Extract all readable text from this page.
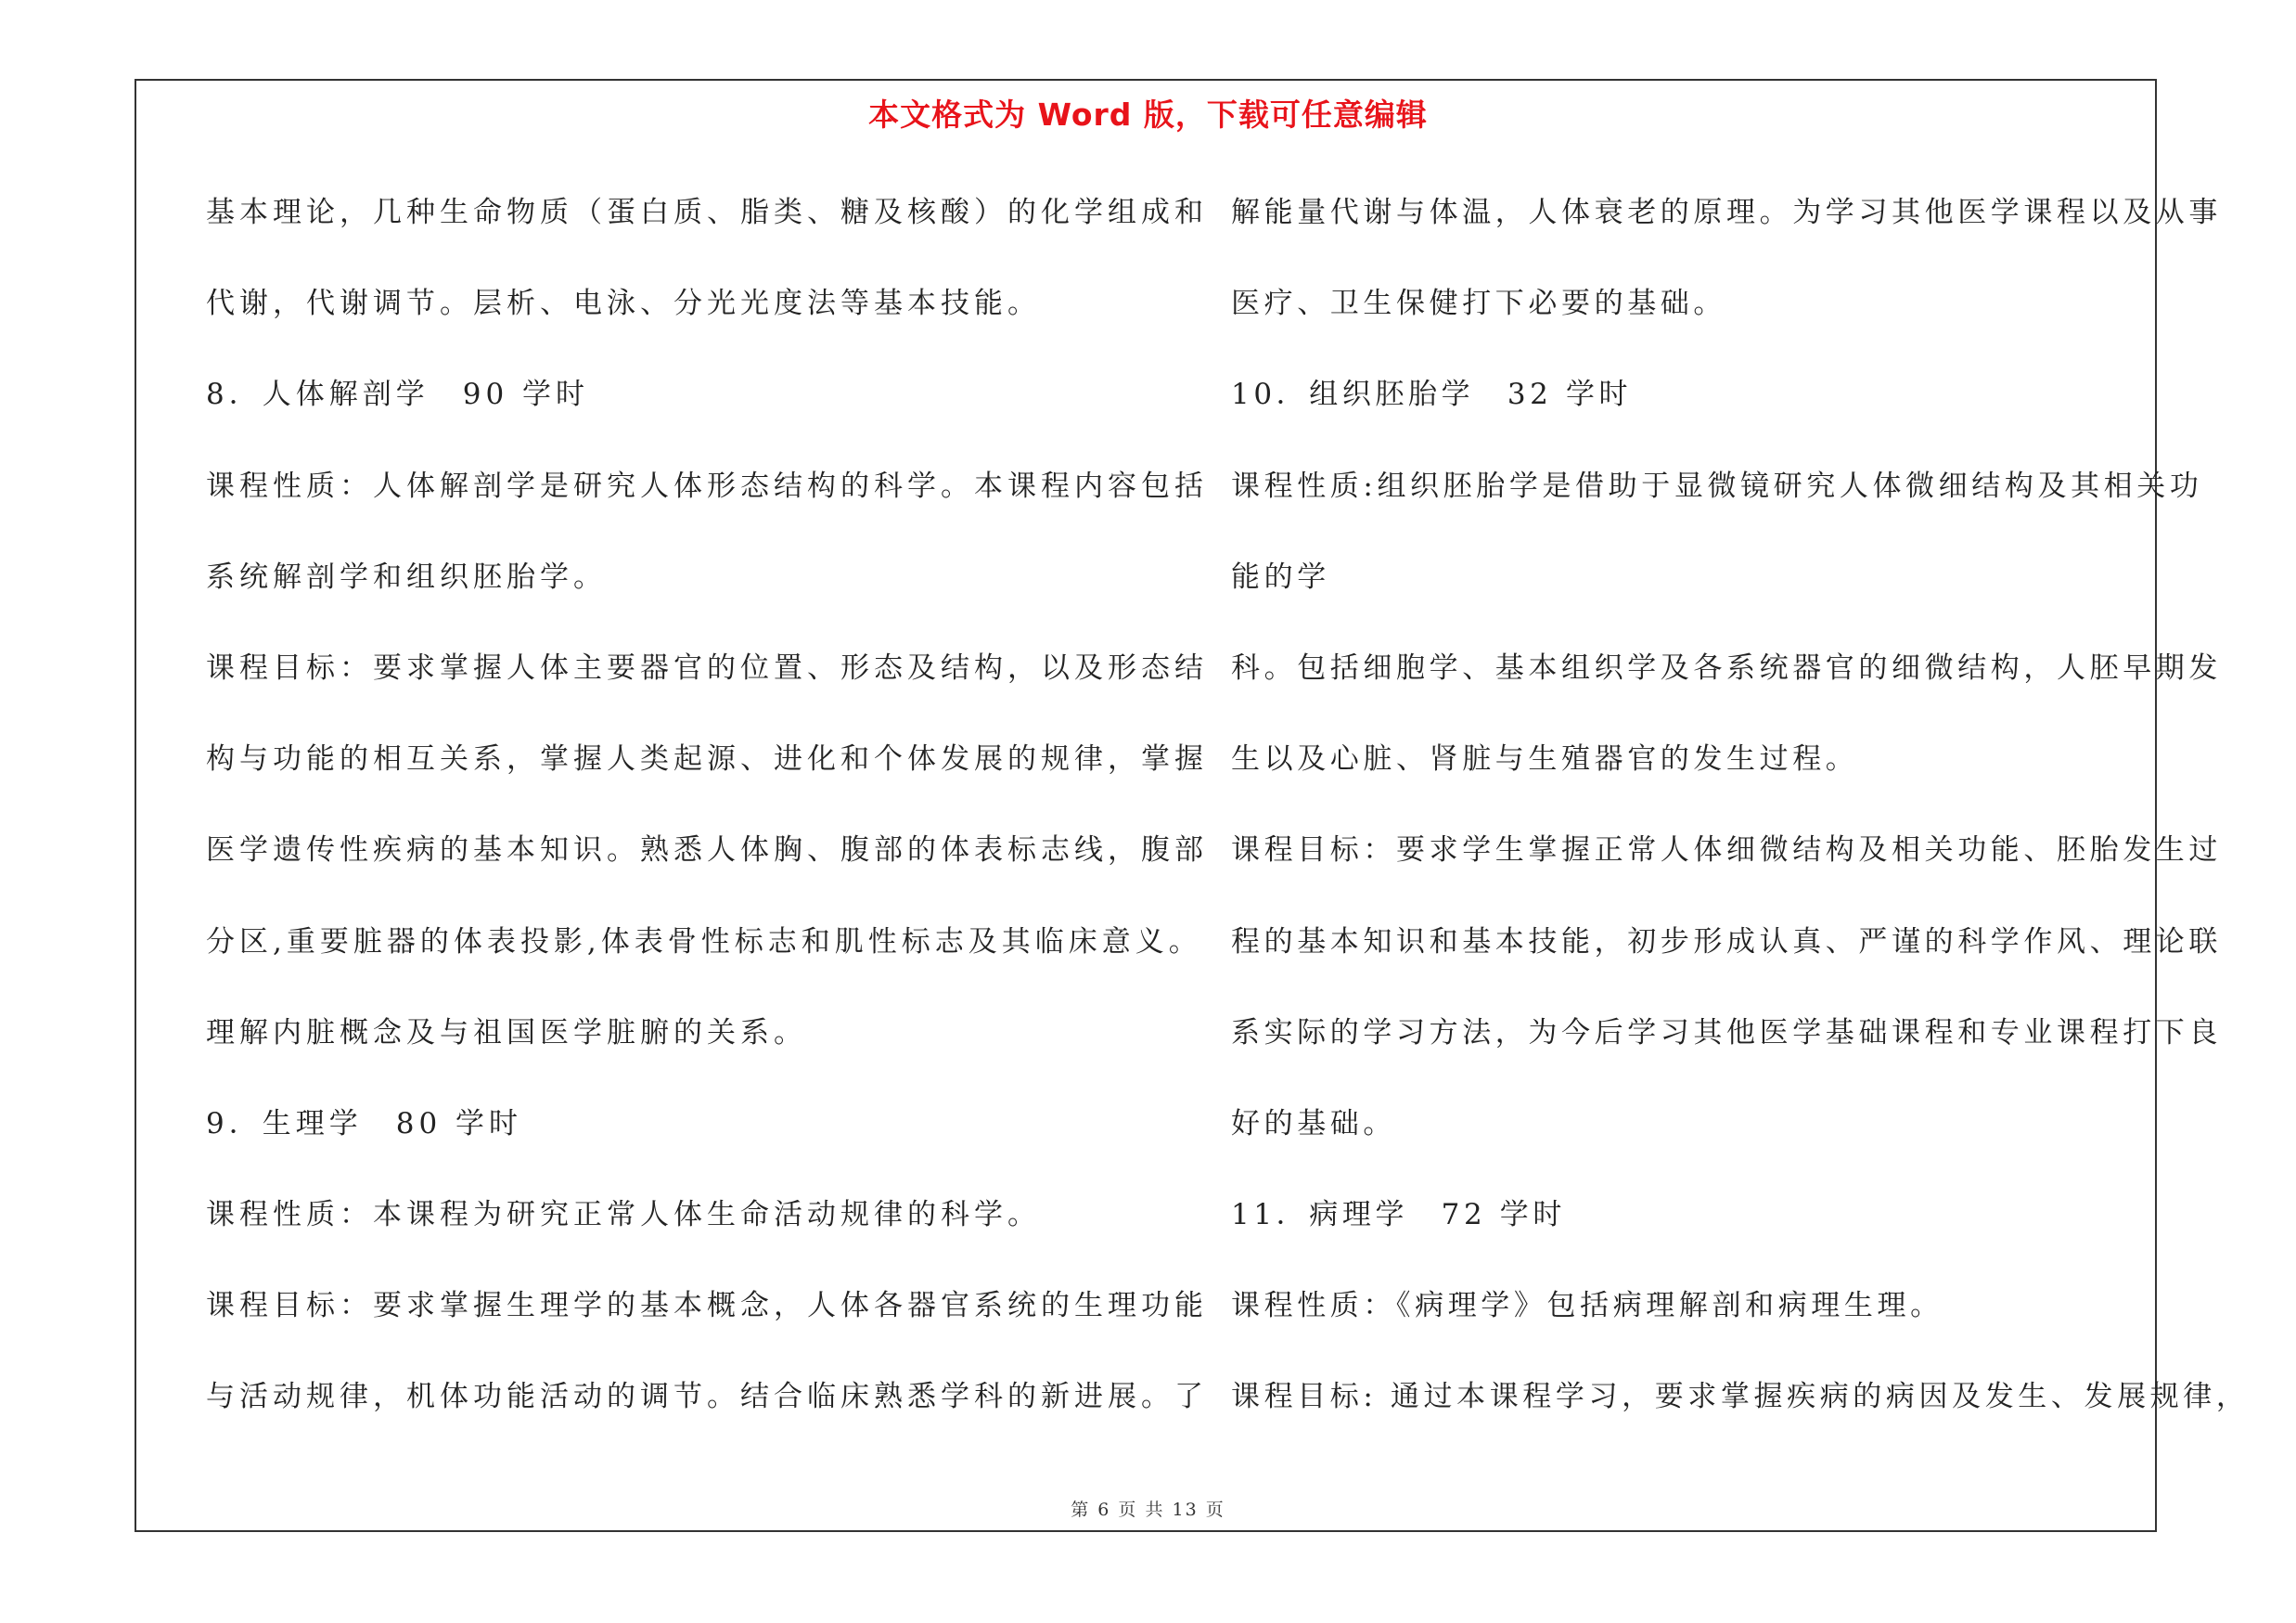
本文格式为 Word 版，下载可任意编辑
基本理论，几种生命物质（蛋白质、脂类、糖及核酸）的化学组成和
代谢，代谢调节。层析、电泳、分光光度法等基本技能。
8．人体解剖学　90 学时
课程性质：人体解剖学是研究人体形态结构的科学。本课程内容包括
系统解剖学和组织胚胎学。
课程目标：要求掌握人体主要器官的位置、形态及结构，以及形态结
构与功能的相互关系，掌握人类起源、进化和个体发展的规律，掌握
医学遗传性疾病的基本知识。熟悉人体胸、腹部的体表标志线，腹部
分区,重要脏器的体表投影,体表骨性标志和肌性标志及其临床意义。
理解内脏概念及与祖国医学脏腑的关系。
9．生理学　80 学时
课程性质：本课程为研究正常人体生命活动规律的科学。
课程目标：要求掌握生理学的基本概念，人体各器官系统的生理功能
与活动规律，机体功能活动的调节。结合临床熟悉学科的新进展。了
解能量代谢与体温，人体衰老的原理。为学习其他医学课程以及从事
医疗、卫生保健打下必要的基础。
10．组织胚胎学　32 学时
课程性质:组织胚胎学是借助于显微镜研究人体微细结构及其相关功
能的学
科。包括细胞学、基本组织学及各系统器官的细微结构，人胚早期发
生以及心脏、肾脏与生殖器官的发生过程。
课程目标：要求学生掌握正常人体细微结构及相关功能、胚胎发生过
程的基本知识和基本技能，初步形成认真、严谨的科学作风、理论联
系实际的学习方法，为今后学习其他医学基础课程和专业课程打下良
好的基础。
11．病理学　72 学时
课程性质：《病理学》包括病理解剖和病理生理。
课程目标: 通过本课程学习，要求掌握疾病的病因及发生、发展规律，
第 6 页 共 13 页
